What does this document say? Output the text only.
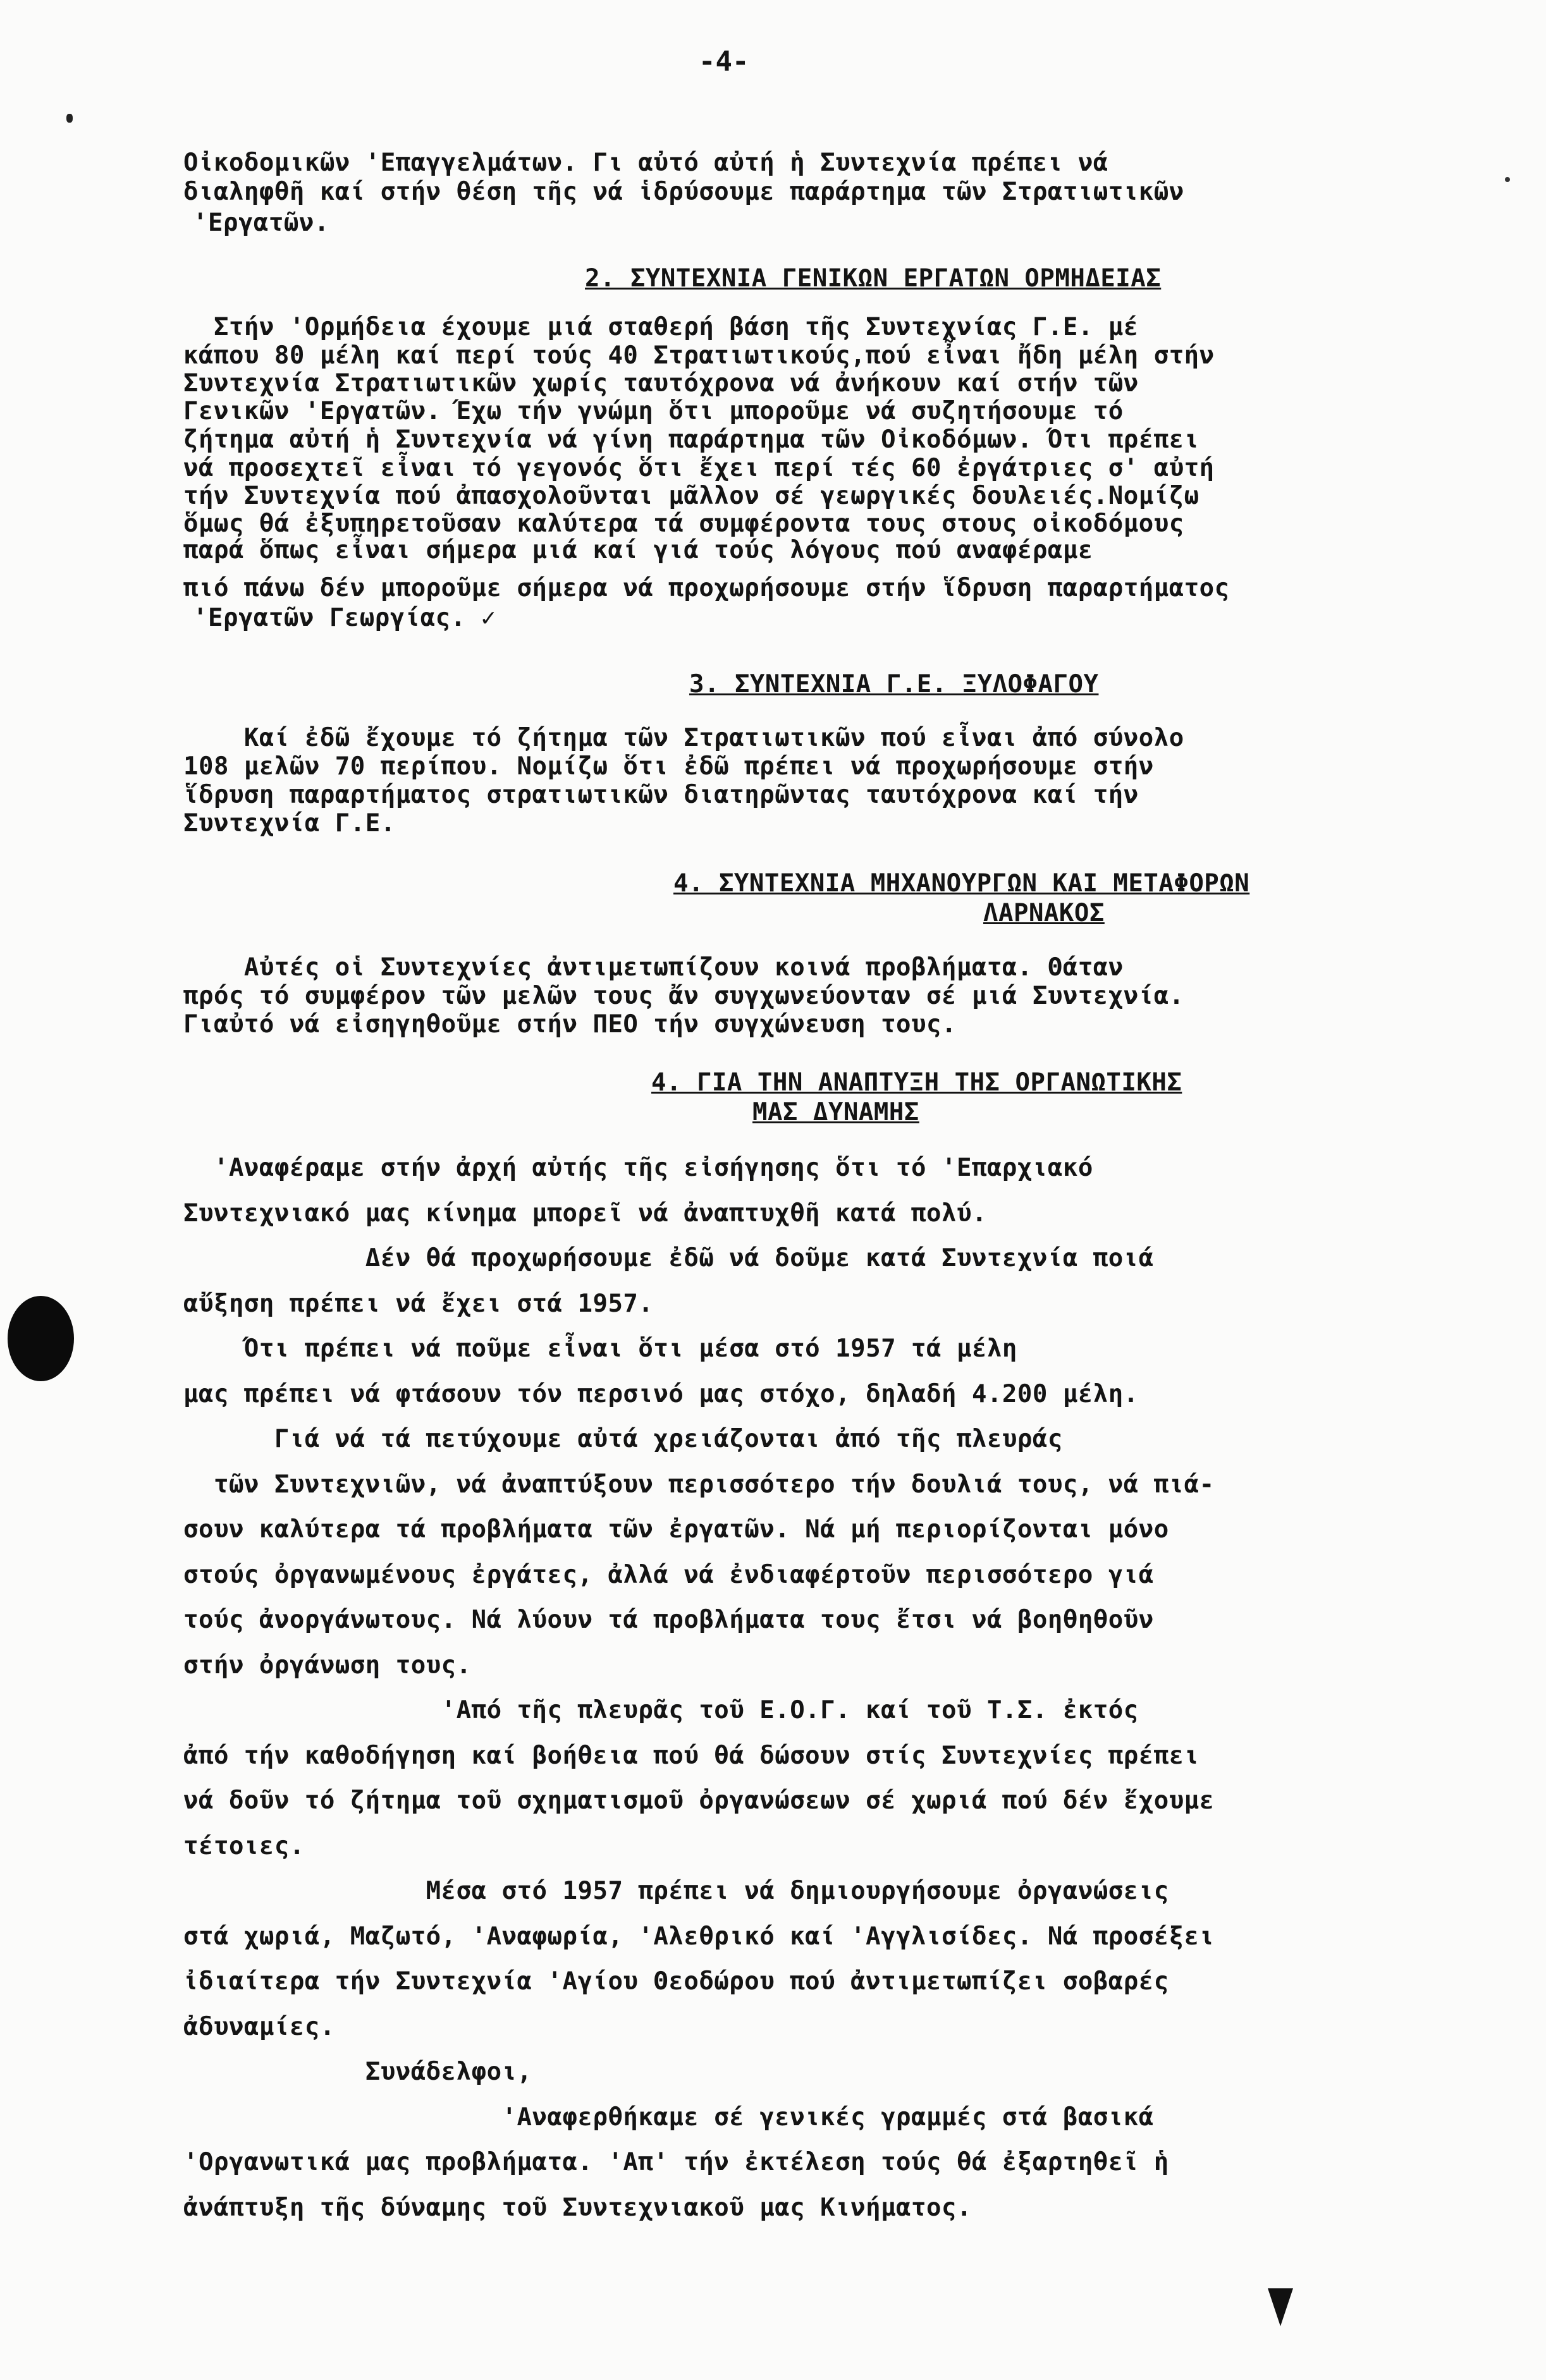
-4-

Οἰκοδομικῶν 'Επαγγελμάτων. Γι αὐτό αὐτή ἡ Συντεχνία πρέπει νά

διαληφθῆ καί στήν θέση τῆς νά ἱδρύσουμε παράρτημα τῶν Στρατιωτικῶν

'Εργατῶν.

2. ΣΥΝΤΕΧΝΙΑ ΓΕΝΙΚΩΝ ΕΡΓΑΤΩΝ ΟΡΜΗΔΕΙΑΣ

Στήν 'Ορμήδεια έχουμε μιά σταθερή βάση τῆς Συντεχνίας Γ.Ε. μέ

κάπου 80 μέλη καί περί τούς 40 Στρατιωτικούς,πού εἶναι ἤδη μέλη στήν

Συντεχνία Στρατιωτικῶν χωρίς ταυτόχρονα νά ἀνήκουν καί στήν τῶν

Γενικῶν 'Εργατῶν. Έχω τήν γνώμη ὅτι μποροῦμε νά συζητήσουμε τό

ζήτημα αὐτή ἡ Συντεχνία νά γίνη παράρτημα τῶν Οἰκοδόμων. Ότι πρέπει

νά προσεχτεῖ εἶναι τό γεγονός ὅτι ἔχει περί τές 60 ἐργάτριες σ' αὐτή

τήν Συντεχνία πού ἀπασχολοῦνται μᾶλλον σέ γεωργικές δουλειές.Νομίζω

ὅμως θά ἐξυπηρετοῦσαν καλύτερα τά συμφέροντα τους στους οἰκοδόμους

παρά ὅπως εἶναι σήμερα μιά καί γιά τούς λόγους πού αναφέραμε

πιό πάνω δέν μποροῦμε σήμερα νά προχωρήσουμε στήν ἵδρυση παραρτήματος

'Εργατῶν Γεωργίας. ✓

3. ΣΥΝΤΕΧΝΙΑ Γ.Ε. ΞΥΛΟΦΑΓΟΥ

Καί ἐδῶ ἔχουμε τό ζήτημα τῶν Στρατιωτικῶν πού εἶναι ἀπό σύνολο

108 μελῶν 70 περίπου. Νομίζω ὅτι ἐδῶ πρέπει νά προχωρήσουμε στήν

ἵδρυση παραρτήματος στρατιωτικῶν διατηρῶντας ταυτόχρονα καί τήν

Συντεχνία Γ.Ε.

4. ΣΥΝΤΕΧΝΙΑ ΜΗΧΑΝΟΥΡΓΩΝ ΚΑΙ ΜΕΤΑΦΟΡΩΝ

ΛΑΡΝΑΚΟΣ

Αὐτές οἱ Συντεχνίες ἀντιμετωπίζουν κοινά προβλήματα. Θάταν

πρός τό συμφέρον τῶν μελῶν τους ἄν συγχωνεύονταν σέ μιά Συντεχνία.

Γιαὐτό νά εἰσηγηθοῦμε στήν ΠΕΟ τήν συγχώνευση τους.

4. ΓΙΑ ΤΗΝ ΑΝΑΠΤΥΞΗ ΤΗΣ ΟΡΓΑΝΩΤΙΚΗΣ

ΜΑΣ ΔΥΝΑΜΗΣ

'Αναφέραμε στήν ἀρχή αὐτής τῆς εἰσήγησης ὅτι τό 'Επαρχιακό

Συντεχνιακό μας κίνημα μπορεῖ νά ἀναπτυχθῆ κατά πολύ.

Δέν θά προχωρήσουμε ἐδῶ νά δοῦμε κατά Συντεχνία ποιά

αὔξηση πρέπει νά ἔχει στά 1957.

Ότι πρέπει νά ποῦμε εἶναι ὅτι μέσα στό 1957 τά μέλη

μας πρέπει νά φτάσουν τόν περσινό μας στόχο, δηλαδή 4.200 μέλη.

Γιά νά τά πετύχουμε αὐτά χρειάζονται ἀπό τῆς πλευράς

τῶν Συντεχνιῶν, νά ἀναπτύξουν περισσότερο τήν δουλιά τους, νά πιά-

σουν καλύτερα τά προβλήματα τῶν ἐργατῶν. Νά μή περιορίζονται μόνο

στούς ὀργανωμένους ἐργάτες, ἀλλά νά ἐνδιαφέρτοῦν περισσότερο γιά

τούς ἀνοργάνωτους. Νά λύουν τά προβλήματα τους ἔτσι νά βοηθηθοῦν

στήν ὀργάνωση τους.

'Από τῆς πλευρᾶς τοῦ Ε.Ο.Γ. καί τοῦ Τ.Σ. ἐκτός

ἀπό τήν καθοδήγηση καί βοήθεια πού θά δώσουν στίς Συντεχνίες πρέπει

νά δοῦν τό ζήτημα τοῦ σχηματισμοῦ ὀργανώσεων σέ χωριά πού δέν ἔχουμε

τέτοιες.

Μέσα στό 1957 πρέπει νά δημιουργήσουμε ὀργανώσεις

στά χωριά, Μαζωτό, 'Αναφωρία, 'Αλεθρικό καί 'Αγγλισίδες. Νά προσέξει

ἰδιαίτερα τήν Συντεχνία 'Αγίου Θεοδώρου πού ἀντιμετωπίζει σοβαρές

ἀδυναμίες.

Συνάδελφοι,

'Αναφερθήκαμε σέ γενικές γραμμές στά βασικά

'Οργανωτικά μας προβλήματα. 'Απ' τήν ἐκτέλεση τούς θά ἐξαρτηθεῖ ἡ

ἀνάπτυξη τῆς δύναμης τοῦ Συντεχνιακοῦ μας Κινήματος.
